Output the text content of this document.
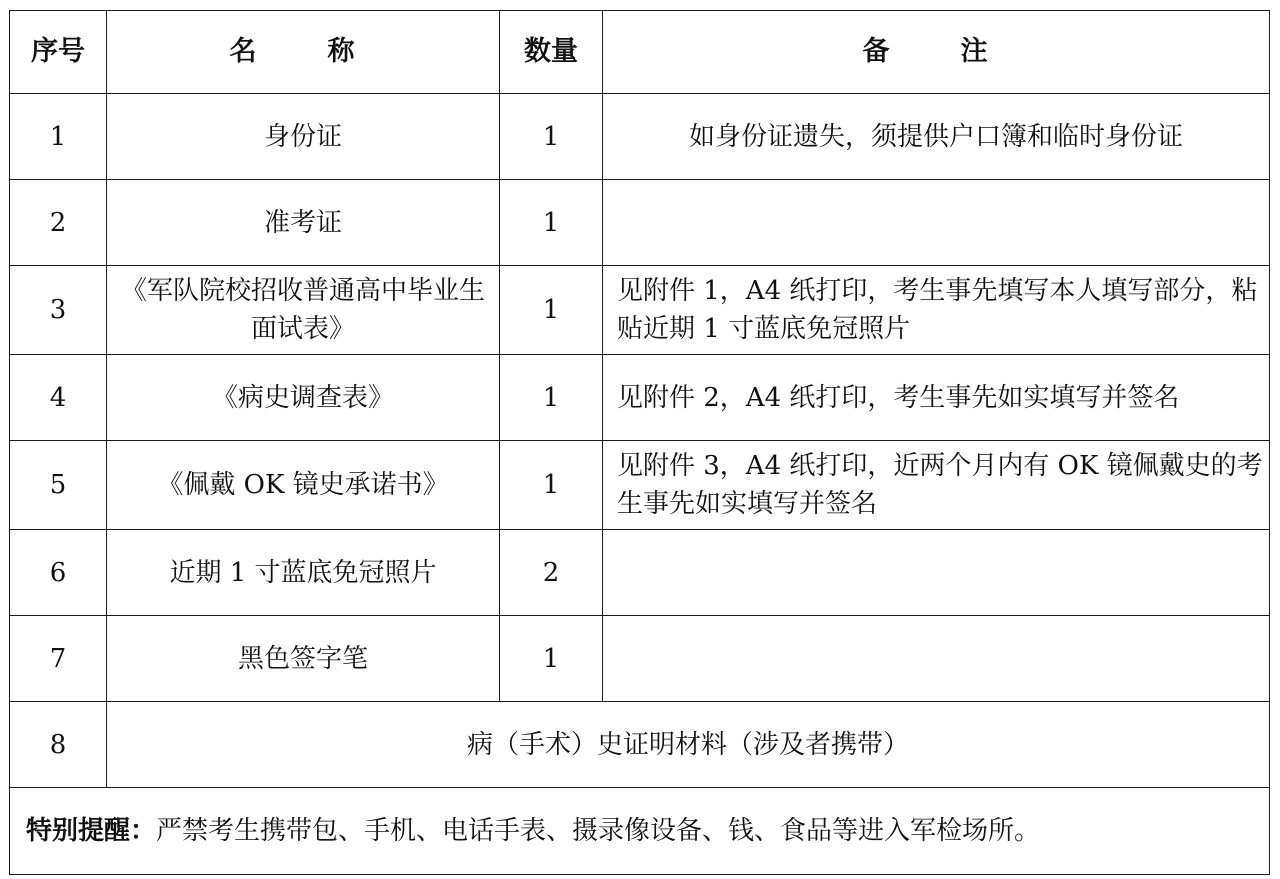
序号	名　称	数量	备　注
1	身份证	1	如身份证遗失，须提供户口簿和临时身份证
2	准考证	1	
3	《军队院校招收普通高中毕业生面试表》	1	见附件 1，A4 纸打印，考生事先填写本人填写部分，粘贴近期 1 寸蓝底免冠照片
4	《病史调查表》	1	见附件 2，A4 纸打印，考生事先如实填写并签名
5	《佩戴 OK 镜史承诺书》	1	见附件 3，A4 纸打印，近两个月内有 OK 镜佩戴史的考生事先如实填写并签名
6	近期 1 寸蓝底免冠照片	2	
7	黑色签字笔	1	
8	病（手术）史证明材料（涉及者携带）		
特别提醒：严禁考生携带包、手机、电话手表、摄录像设备、钱、食品等进入军检场所。			
